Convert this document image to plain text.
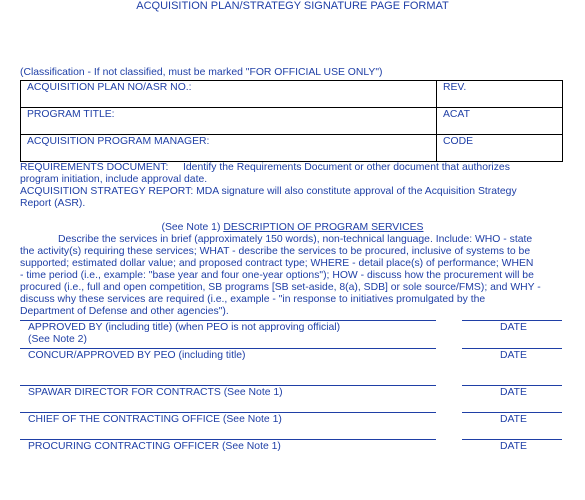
ACQUISITION PLAN/STRATEGY SIGNATURE PAGE FORMAT
(Classification - If not classified, must be marked "FOR OFFICIAL USE ONLY")
ACQUISITION PLAN NO/ASR NO.:	REV.
PROGRAM TITLE:	ACAT
ACQUISITION PROGRAM MANAGER:	CODE
REQUIREMENTS DOCUMENT: Identify the Requirements Document or other document that authorizes
program initiation, include approval date.
ACQUISITION STRATEGY REPORT: MDA signature will also constitute approval of the Acquisition Strategy
Report (ASR).
(See Note 1) DESCRIPTION OF PROGRAM SERVICES
Describe the services in brief (approximately 150 words), non-technical language. Include: WHO - state
the activity(s) requiring these services; WHAT - describe the services to be procured, inclusive of systems to be
supported; estimated dollar value; and proposed contract type; WHERE - detail place(s) of performance; WHEN
- time period (i.e., example: "base year and four one-year options"); HOW - discuss how the procurement will be
procured (i.e., full and open competition, SB programs [SB set-aside, 8(a), SDB] or sole source/FMS); and WHY -
discuss why these services are required (i.e., example - "in response to initiatives promulgated by the
Department of Defense and other agencies").
APPROVED BY (including title) (when PEO is not approving official)
(See Note 2)
DATE
CONCUR/APPROVED BY PEO (including title)	DATE
SPAWAR DIRECTOR FOR CONTRACTS (See Note 1)	DATE
CHIEF OF THE CONTRACTING OFFICE (See Note 1)	DATE
PROCURING CONTRACTING OFFICER (See Note 1)	DATE
